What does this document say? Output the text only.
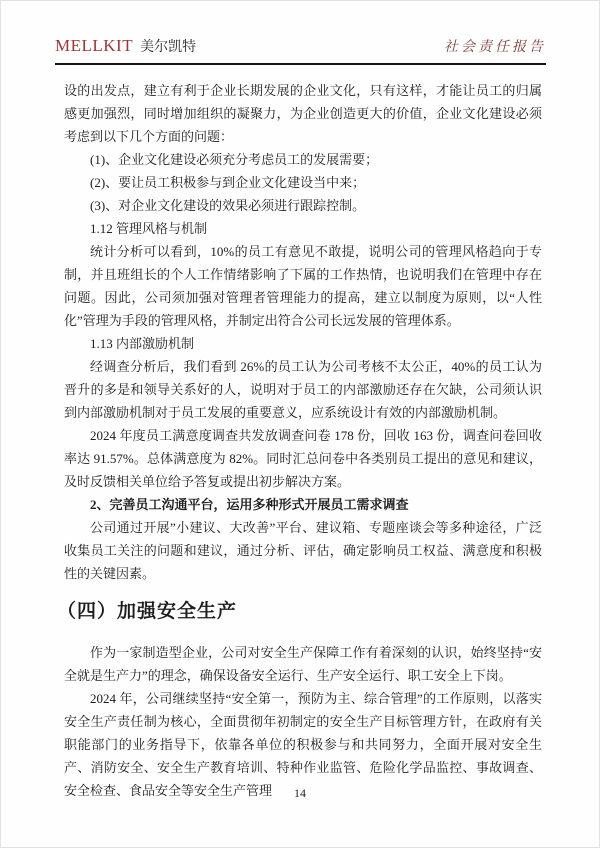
MELLKIT 美尔凯特	社会责任报告

设的出发点，建立有利于企业长期发展的企业文化，只有这样，才能让员工的归属感更加强烈，同时增加组织的凝聚力，为企业创造更大的价值，企业文化建设必须考虑到以下几个方面的问题：

(1)、企业文化建设必须充分考虑员工的发展需要；

(2)、要让员工积极参与到企业文化建设当中来；

(3)、对企业文化建设的效果必须进行跟踪控制。

1.12 管理风格与机制

统计分析可以看到，10%的员工有意见不敢提，说明公司的管理风格趋向于专制，并且班组长的个人工作情绪影响了下属的工作热情，也说明我们在管理中存在问题。因此，公司须加强对管理者管理能力的提高，建立以制度为原则，以“人性化”管理为手段的管理风格，并制定出符合公司长远发展的管理体系。

1.13 内部激励机制

经调查分析后，我们看到 26%的员工认为公司考核不太公正，40%的员工认为晋升的多是和领导关系好的人，说明对于员工的内部激励还存在欠缺，公司须认识到内部激励机制对于员工发展的重要意义，应系统设计有效的内部激励机制。

2024 年度员工满意度调查共发放调查问卷 178 份，回收 163 份，调查问卷回收率达 91.57%。总体满意度为 82%。同时汇总问卷中各类别员工提出的意见和建议，及时反馈相关单位给予答复或提出初步解决方案。

2、完善员工沟通平台，运用多种形式开展员工需求调查

公司通过开展”小建议、大改善”平台、建议箱、专题座谈会等多种途径，广泛收集员工关注的问题和建议，通过分析、评估，确定影响员工权益、满意度和积极性的关键因素。

（四）加强安全生产

作为一家制造型企业，公司对安全生产保障工作有着深刻的认识，始终坚持“安全就是生产力”的理念，确保设备安全运行、生产安全运行、职工安全上下岗。

2024 年，公司继续坚持“安全第一，预防为主、综合管理”的工作原则，以落实安全生产责任制为核心，全面贯彻年初制定的安全生产目标管理方针，在政府有关职能部门的业务指导下，依靠各单位的积极参与和共同努力，全面开展对安全生产、消防安全、安全生产教育培训、特种作业监管、危险化学品监控、事故调查、安全检查、食品安全等安全生产管理	14
